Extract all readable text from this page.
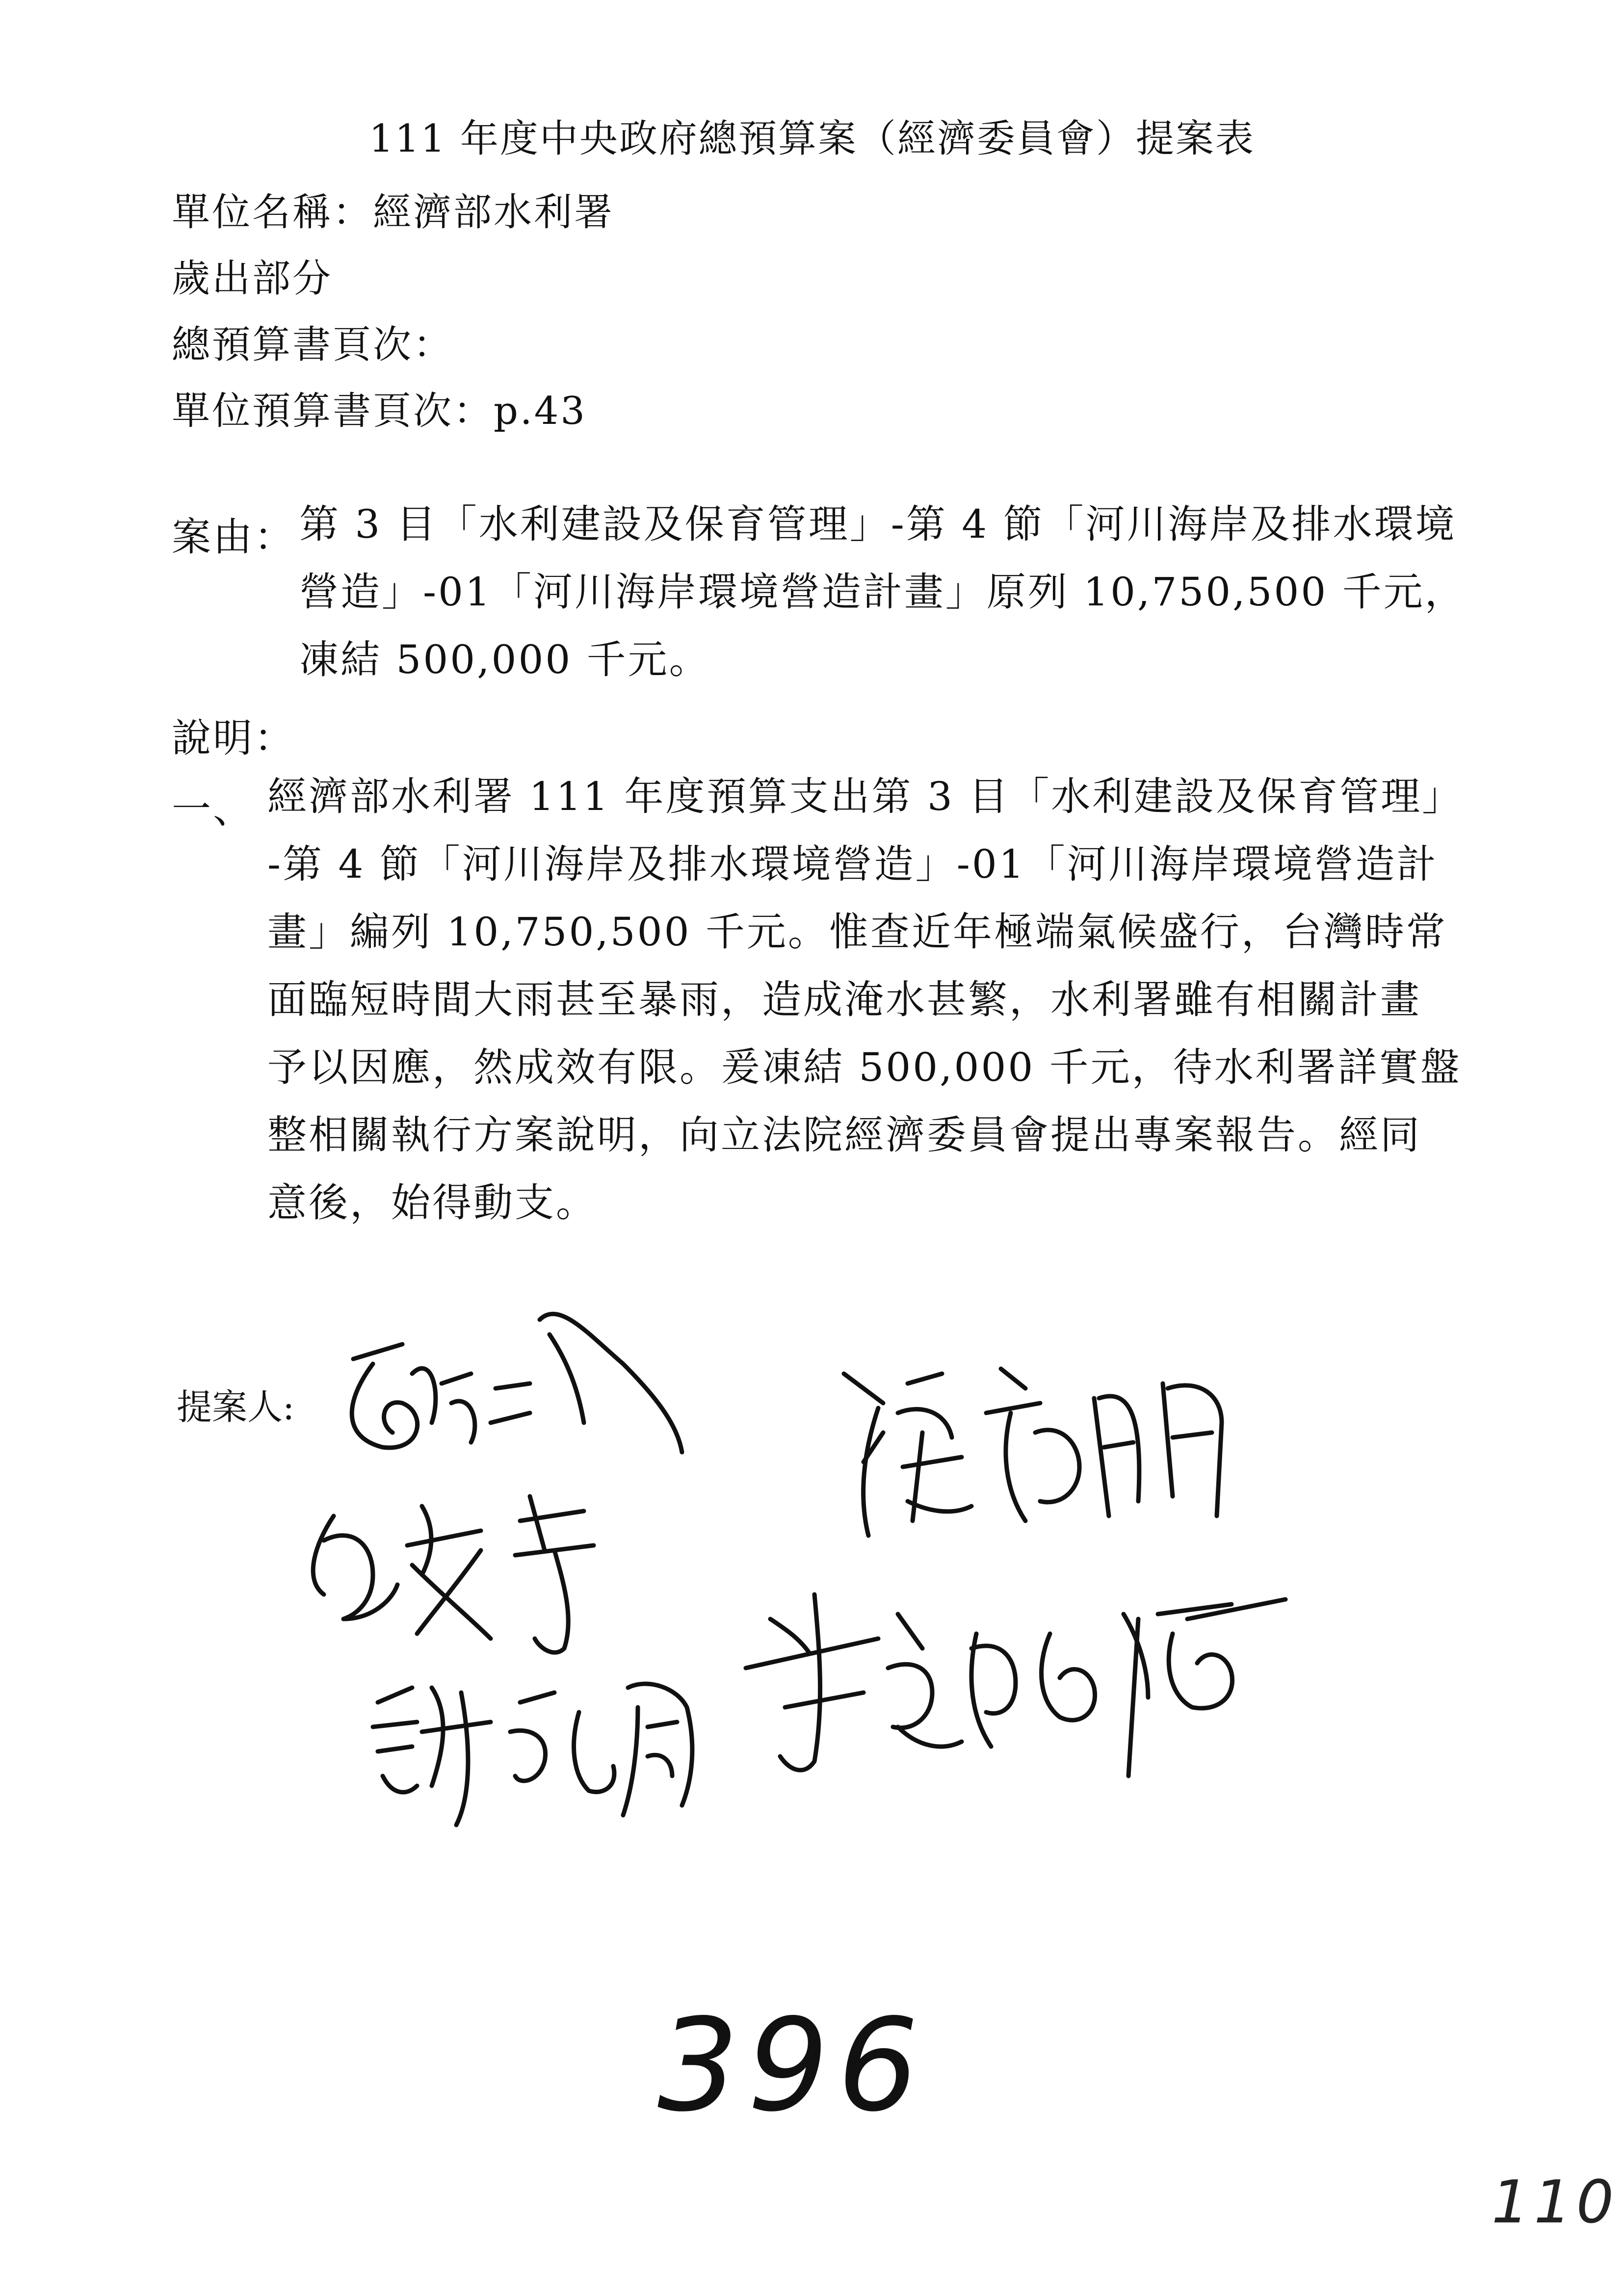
111 年度中央政府總預算案（經濟委員會）提案表
單位名稱：經濟部水利署
歲出部分
總預算書頁次：
單位預算書頁次：p.43
案由： 第 3 目「水利建設及保育管理」-第 4 節「河川海岸及排水環境
營造」-01「河川海岸環境營造計畫」原列 10,750,500 千元，
凍結 500,000 千元。
說明：
一、 經濟部水利署 111 年度預算支出第 3 目「水利建設及保育管理」
-第 4 節「河川海岸及排水環境營造」-01「河川海岸環境營造計
畫」編列 10,750,500 千元。惟查近年極端氣候盛行，台灣時常
面臨短時間大雨甚至暴雨，造成淹水甚繁，水利署雖有相關計畫
予以因應，然成效有限。爰凍結 500,000 千元，待水利署詳實盤
整相關執行方案說明，向立法院經濟委員會提出專案報告。經同
意後，始得動支。
提案人:
396
110
